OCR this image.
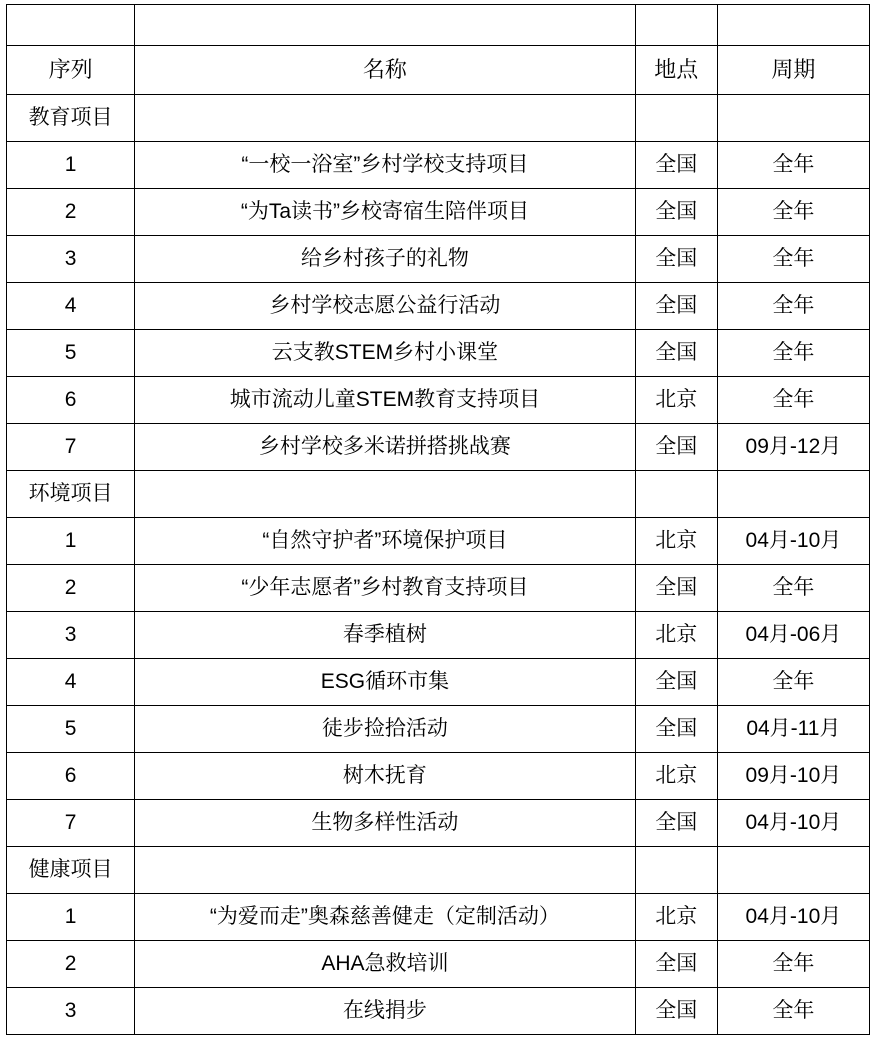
序列	名称	地点	周期
教育项目			
1	“一校一浴室”乡村学校支持项目	全国	全年
2	“为Ta读书”乡校寄宿生陪伴项目	全国	全年
3	给乡村孩子的礼物	全国	全年
4	乡村学校志愿公益行活动	全国	全年
5	云支教STEM乡村小课堂	全国	全年
6	城市流动儿童STEM教育支持项目	北京	全年
7	乡村学校多米诺拼搭挑战赛	全国	09月-12月
环境项目			
1	“自然守护者”环境保护项目	北京	04月-10月
2	“少年志愿者”乡村教育支持项目	全国	全年
3	春季植树	北京	04月-06月
4	ESG循环市集	全国	全年
5	徒步捡拾活动	全国	04月-11月
6	树木抚育	北京	09月-10月
7	生物多样性活动	全国	04月-10月
健康项目			
1	“为爱而走”奥森慈善健走（定制活动）	北京	04月-10月
2	AHA急救培训	全国	全年
3	在线捐步	全国	全年
